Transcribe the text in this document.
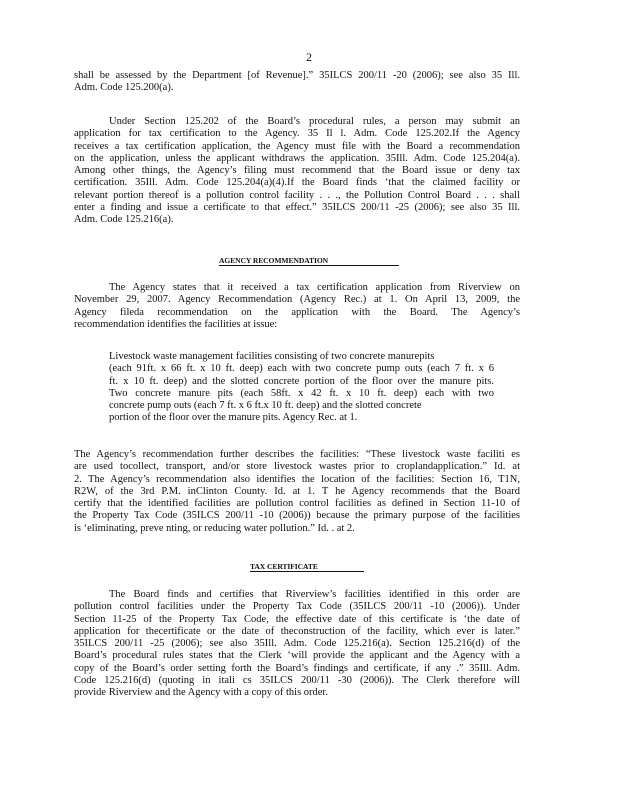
2
shall be assessed by the Department [of Revenue].” 35ILCS 200/11 -20 (2006); see also 35 Ill.
Adm. Code 125.200(a).
Under Section 125.202 of the Board’s procedural rules, a person may submit an
application for tax certification to the Agency. 35 Il l. Adm. Code 125.202.If the Agency
receives a tax certification application, the Agency must file with the Board a recommendation
on the application, unless the applicant withdraws the application. 35Ill. Adm. Code 125.204(a).
Among other things, the Agency’s filing must recommend that the Board issue or deny tax
certification. 35Ill. Adm. Code 125.204(a)(4).If the Board finds ‘that the claimed facility or
relevant portion thereof is a pollution control facility . . ., the Pollution Control Board . . . shall
enter a finding and issue a certificate to that effect.” 35ILCS 200/11 -25 (2006); see also 35 Ill.
Adm. Code 125.216(a).
AGENCY RECOMMENDATION
The Agency states that it received a tax certification application from Riverview on
November 29, 2007. Agency Recommendation (Agency Rec.) at 1. On April 13, 2009, the
Agency fileda recommendation on the application with the Board. The Agency’s
recommendation identifies the facilities at issue:
Livestock waste management facilities consisting of two concrete manurepits
(each 91ft. x 66 ft. x 10 ft. deep) each with two concrete pump outs (each 7 ft. x 6
ft. x 10 ft. deep) and the slotted concrete portion of the floor over the manure pits.
Two concrete manure pits (each 58ft. x 42 ft. x 10 ft. deep) each with two
concrete pump outs (each 7 ft. x 6 ft.x 10 ft. deep) and the slotted concrete
portion of the floor over the manure pits. Agency Rec. at 1.
The Agency’s recommendation further describes the facilities: “These livestock waste faciliti es
are used tocollect, transport, and/or store livestock wastes prior to croplandapplication.” Id. at
2. The Agency’s recommendation also identifies the location of the facilities: Section 16, T1N,
R2W, of the 3rd P.M. inClinton County. Id. at 1. T he Agency recommends that the Board
certify that the identified facilities are pollution control facilities as defined in Section 11-10 of
the Property Tax Code (35ILCS 200/11 -10 (2006)) because the primary purpose of the facilities
is ‘eliminating, preve nting, or reducing water pollution.” Id. . at 2.
TAX CERTIFICATE
The Board finds and certifies that Riverview’s facilities identified in this order are
pollution control facilities under the Property Tax Code (35ILCS 200/11 -10 (2006)). Under
Section 11-25 of the Property Tax Code, the effective date of this certificate is ‘the date of
application for thecertificate or the date of theconstruction of the facility, which ever is later.”
35ILCS 200/11 -25 (2006); see also 35Ill. Adm. Code 125.216(a). Section 125.216(d) of the
Board’s procedural rules states that the Clerk ‘will provide the applicant and the Agency with a
copy of the Board’s order setting forth the Board’s findings and certificate, if any .” 35Ill. Adm.
Code 125.216(d) (quoting in itali cs 35ILCS 200/11 -30 (2006)). The Clerk therefore will
provide Riverview and the Agency with a copy of this order.
